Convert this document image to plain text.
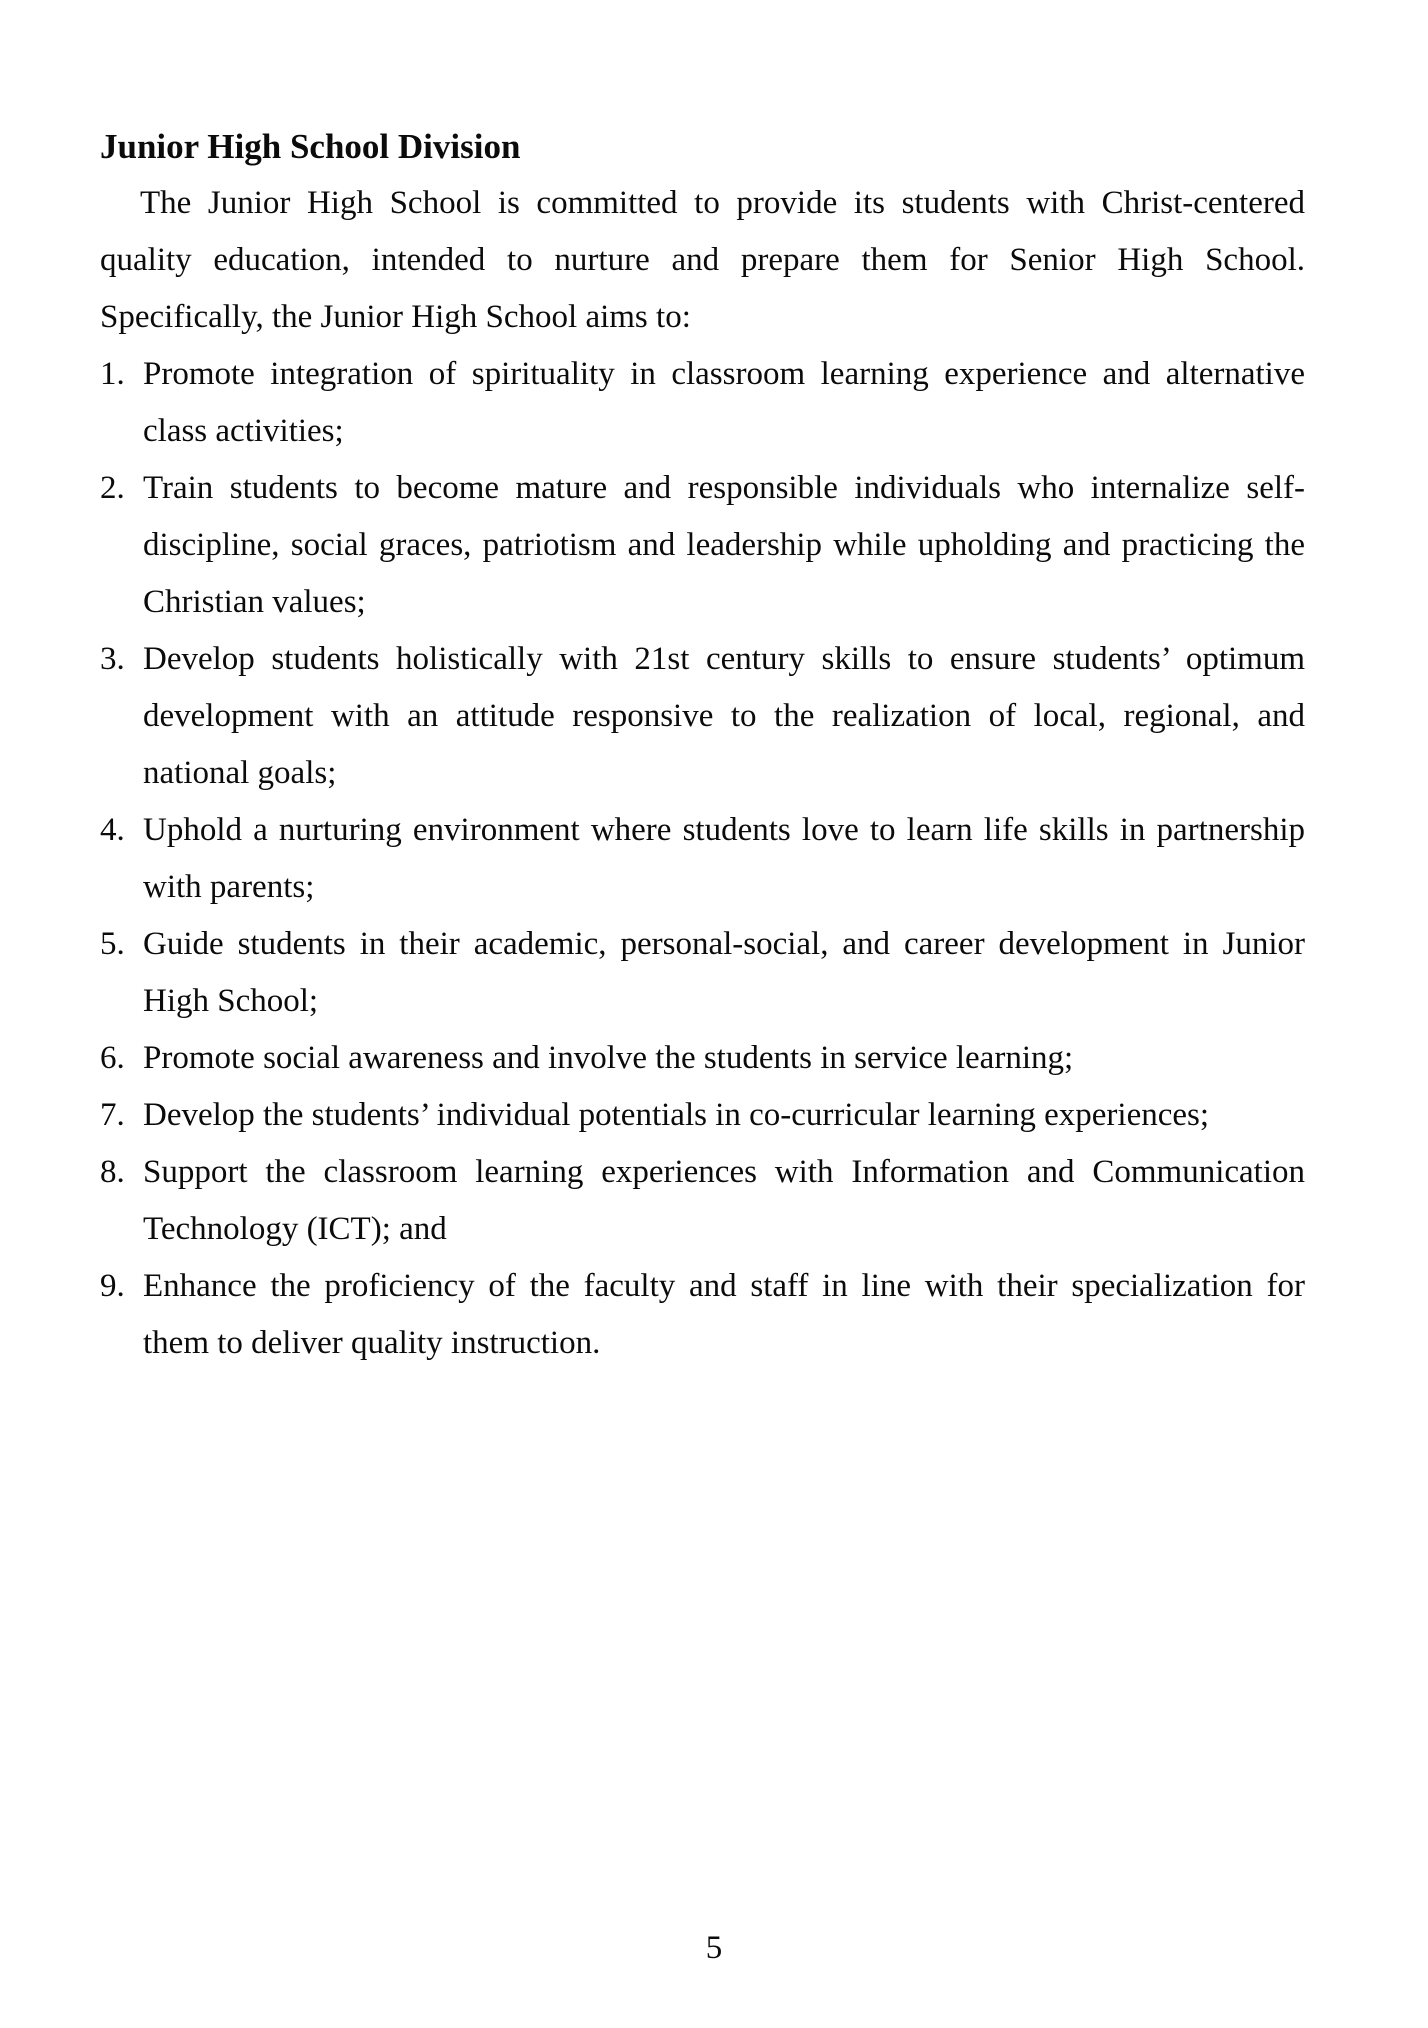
Junior High School Division

The Junior High School is committed to provide its students with Christ-centered quality education, intended to nurture and prepare them for Senior High School. Specifically, the Junior High School aims to:

1. Promote integration of spirituality in classroom learning experience and alternative class activities;
2. Train students to become mature and responsible individuals who internalize self-discipline, social graces, patriotism and leadership while upholding and practicing the Christian values;
3. Develop students holistically with 21st century skills to ensure students’ optimum development with an attitude responsive to the realization of local, regional, and national goals;
4. Uphold a nurturing environment where students love to learn life skills in partnership with parents;
5. Guide students in their academic, personal-social, and career development in Junior High School;
6. Promote social awareness and involve the students in service learning;
7. Develop the students’ individual potentials in co-curricular learning experiences;
8. Support the classroom learning experiences with Information and Communication Technology (ICT); and
9. Enhance the proficiency of the faculty and staff in line with their specialization for them to deliver quality instruction.
5
